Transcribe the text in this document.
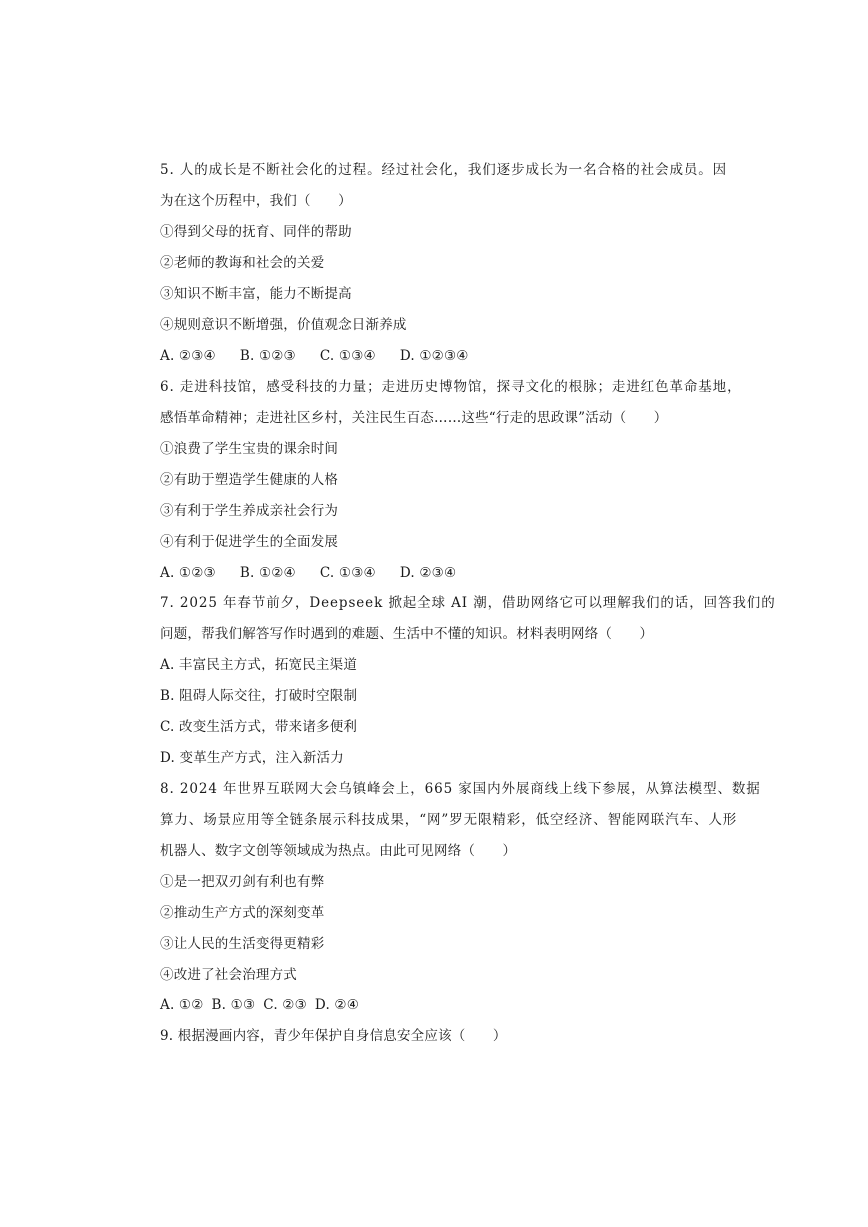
5. 人的成长是不断社会化的过程。经过社会化，我们逐步成长为一名合格的社会成员。因
为在这个历程中，我们（　　）
①得到父母的抚育、同伴的帮助
②老师的教诲和社会的关爱
③知识不断丰富，能力不断提高
④规则意识不断增强，价值观念日渐养成
A. ②③④ B. ①②③ C. ①③④ D. ①②③④
6. 走进科技馆，感受科技的力量；走进历史博物馆，探寻文化的根脉；走进红色革命基地，
感悟革命精神；走进社区乡村，关注民生百态……这些“行走的思政课”活动（　　）
①浪费了学生宝贵的课余时间
②有助于塑造学生健康的人格
③有利于学生养成亲社会行为
④有利于促进学生的全面发展
A. ①②③ B. ①②④ C. ①③④ D. ②③④
7. 2025 年春节前夕，Deepseek 掀起全球 AI 潮，借助网络它可以理解我们的话，回答我们的
问题，帮我们解答写作时遇到的难题、生活中不懂的知识。材料表明网络（　　）
A. 丰富民主方式，拓宽民主渠道
B. 阻碍人际交往，打破时空限制
C. 改变生活方式，带来诸多便利
D. 变革生产方式，注入新活力
8. 2024 年世界互联网大会乌镇峰会上，665 家国内外展商线上线下参展，从算法模型、数据
算力、场景应用等全链条展示科技成果，“网”罗无限精彩，低空经济、智能网联汽车、人形
机器人、数字文创等领域成为热点。由此可见网络（　　）
①是一把双刃剑有利也有弊
②推动生产方式的深刻变革
③让人民的生活变得更精彩
④改进了社会治理方式
A. ①② B. ①③ C. ②③ D. ②④
9. 根据漫画内容，青少年保护自身信息安全应该（　　）
